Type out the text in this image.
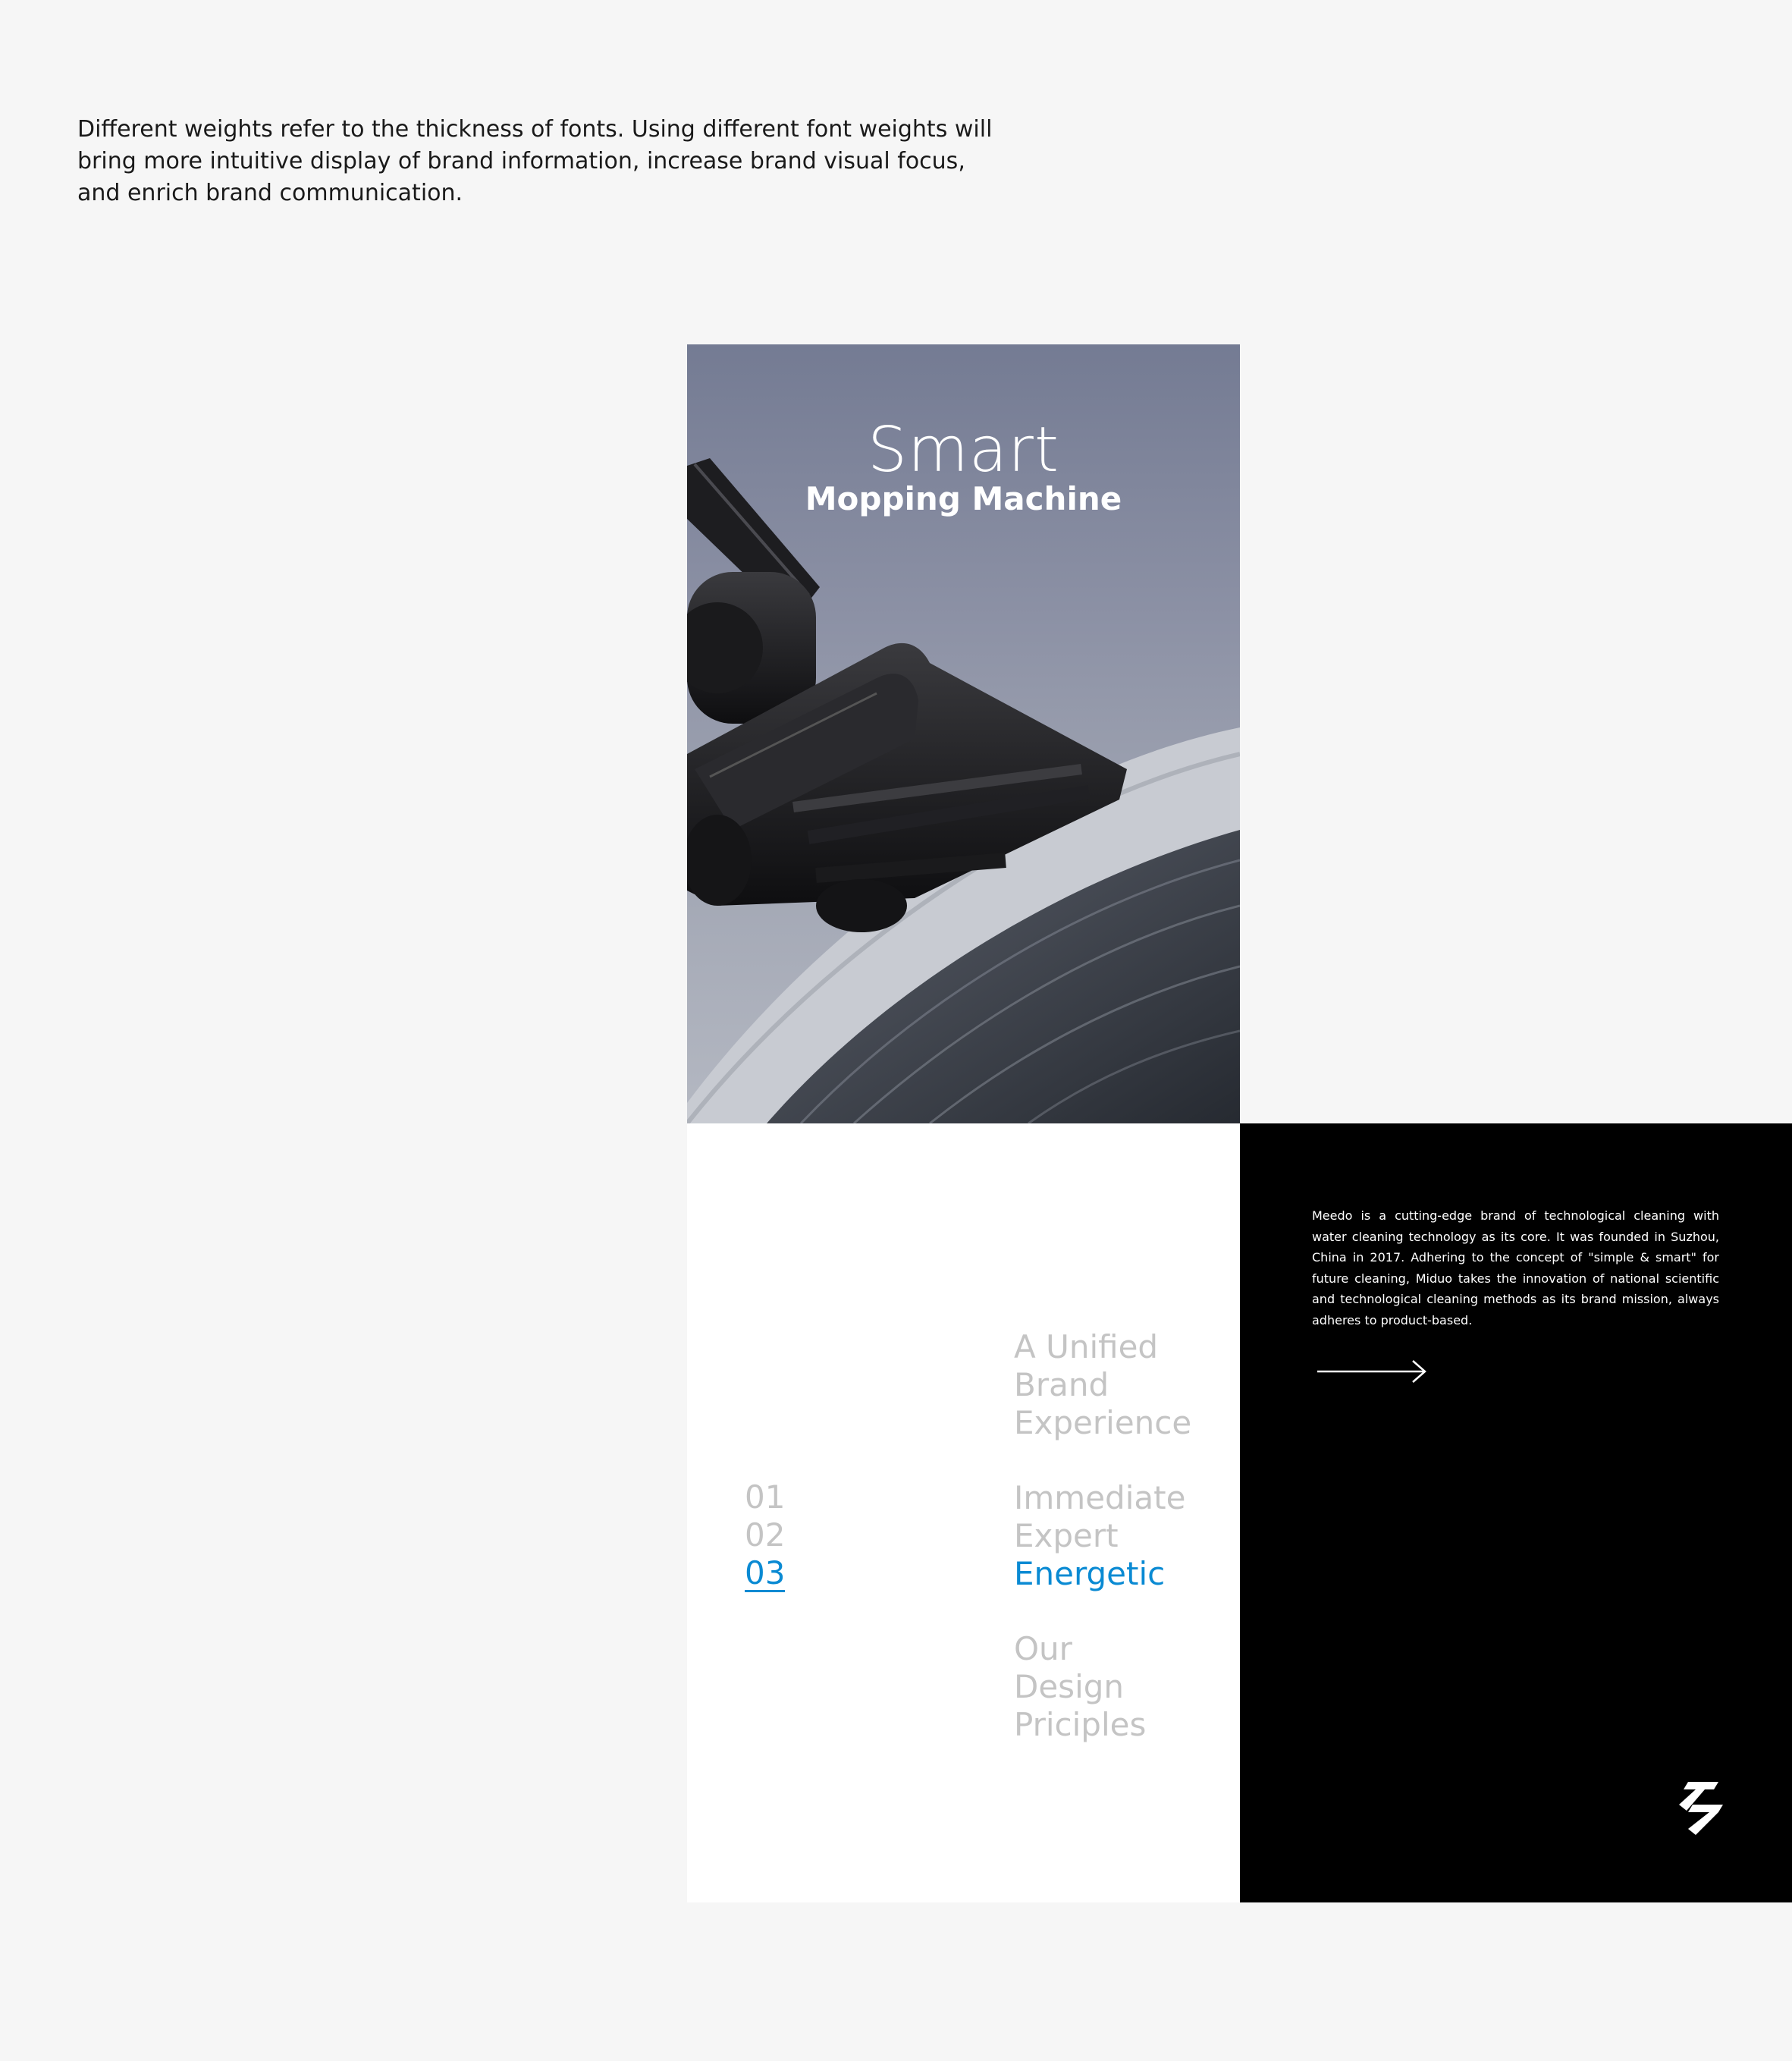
Different weights refer to the thickness of fonts. Using different font weights will bring more intuitive display of brand information, increase brand visual focus, and enrich brand communication.

Smart
Mopping Machine
01
02
03
A Unified
Brand
Experience
Immediate
Expert
Energetic
Our
Design
Priciples

Meedo is a cutting-edge brand of technological cleaning with water cleaning technology as its core. It was founded in Suzhou, China in 2017. Adhering to the concept of "simple & smart" for future cleaning, Miduo takes the innovation of national scientific and technological cleaning methods as its brand mission, always adheres to product-based.
